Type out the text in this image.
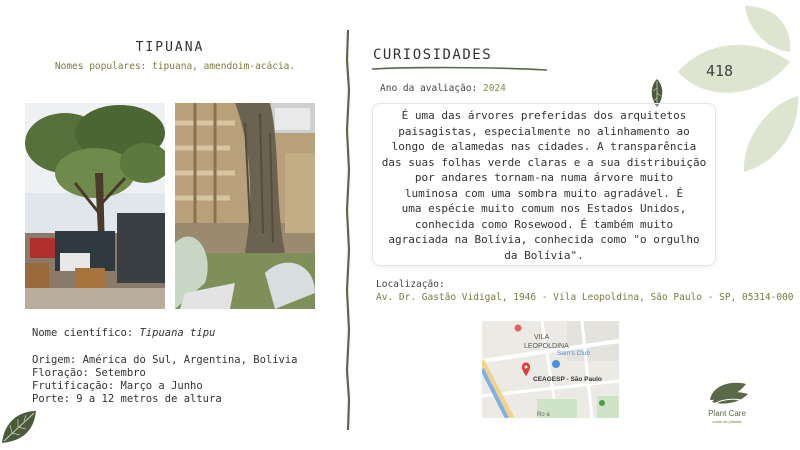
418
TIPUANA
Nomes populares: tipuana, amendoim-acácia.
Nome científico: Tipuana tipu
Origem: América do Sul, Argentina, Bolívia
Floração: Setembro
Frutificação: Março a Junho
Porte: 9 a 12 metros de altura
CURIOSIDADES
Ano da avaliação: 2024
É uma das árvores preferidas dos arquitetos
paisagistas, especialmente no alinhamento ao
longo de alamedas nas cidades. A transparência
das suas folhas verde claras e a sua distribuição
por andares tornam-na numa árvore muito
luminosa com uma sombra muito agradável. É
uma espécie muito comum nos Estados Unidos,
conhecida como Rosewood. É também muito
agraciada na Bolívia, conhecida como "o orgulho
da Bolívia".
Localização:
Av. Dr. Gastão Vidigal, 1946 - Vila Leopoldina, São Paulo - SP, 05314-000
VILA
LEOPOLDINA
Sam's Club
CEAGESP - São Paulo
Ro a	Plant Care
cuide de plantas
